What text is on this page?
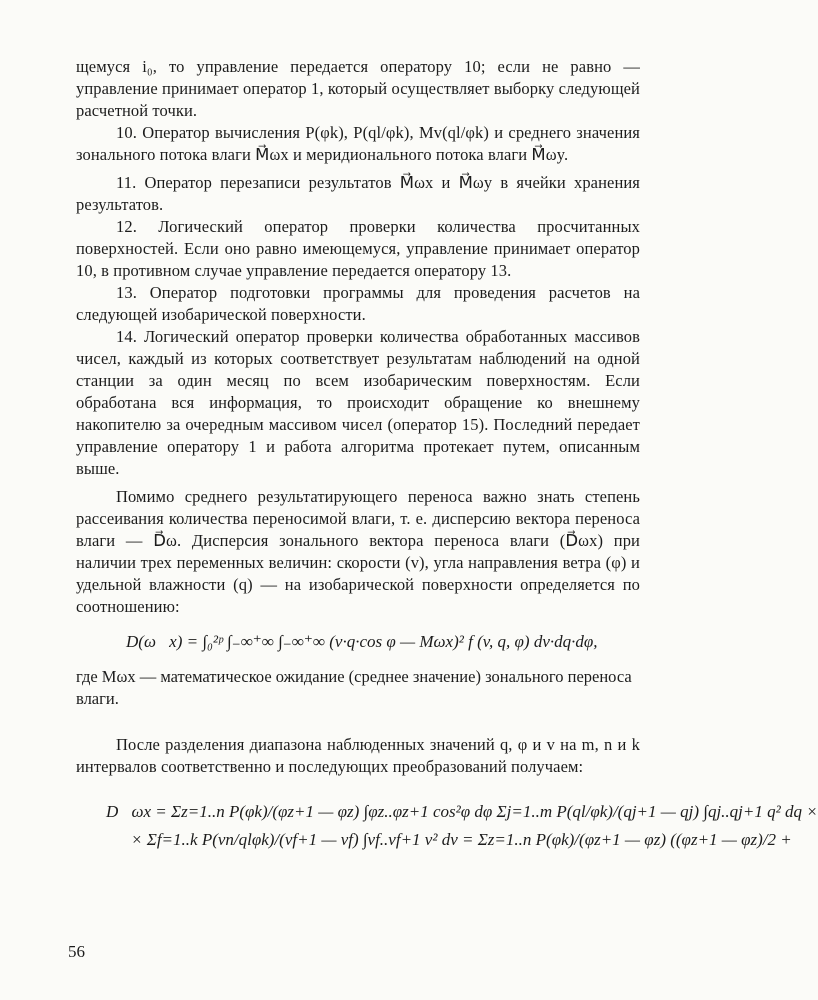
щемуся i₀, то управление передается оператору 10; если не равно — управление принимает оператор 1, который осуществляет выборку следующей расчетной точки.

10. Оператор вычисления P(φk), P(ql/φk), Mv(ql/φk) и среднего значения зонального потока влаги M⃗ωx и меридионального потока влаги M⃗ωy.

11. Оператор перезаписи результатов M⃗ωx и M⃗ωy в ячейки хранения результатов.

12. Логический оператор проверки количества просчитанных поверхностей. Если оно равно имеющемуся, управление принимает оператор 10, в противном случае управление передается оператору 13.

13. Оператор подготовки программы для проведения расчетов на следующей изобарической поверхности.

14. Логический оператор проверки количества обработанных массивов чисел, каждый из которых соответствует результатам наблюдений на одной станции за один месяц по всем изобарическим поверхностям. Если обработана вся информация, то происходит обращение ко внешнему накопителю за очередным массивом чисел (оператор 15). Последний передает управление оператору 1 и работа алгоритма протекает путем, описанным выше.

Помимо среднего результатирующего переноса важно знать степень рассеивания количества переносимой влаги, т. е. дисперсию вектора переноса влаги — D⃗ω. Дисперсия зонального вектора переноса влаги (D⃗ωx) при наличии трех переменных величин: скорости (v), угла направления ветра (φ) и удельной влажности (q) — на изобарической поверхности определяется по соотношению:

D(ω⃗x) = ∫₀²ᵖ ∫₋∞⁺∞ ∫₋∞⁺∞ (v·q·cos φ — Mωx)² f (v, q, φ) dv·dq·dφ,

где Mωx — математическое ожидание (среднее значение) зонального переноса влаги.

После разделения диапазона наблюденных значений q, φ и v на m, n и k интервалов соответственно и последующих преобразований получаем:

D⃗ωx = Σz=1..n P(φk)/(φz+1 — φz) ∫φz..φz+1 cos²φ dφ Σj=1..m P(ql/φk)/(qj+1 — qj) ∫qj..qj+1 q² dq ×
× Σf=1..k P(vn/qlφk)/(vf+1 — vf) ∫vf..vf+1 v² dv = Σz=1..n P(φk)/(φz+1 — φz) ((φz+1 — φz)/2 +
56
